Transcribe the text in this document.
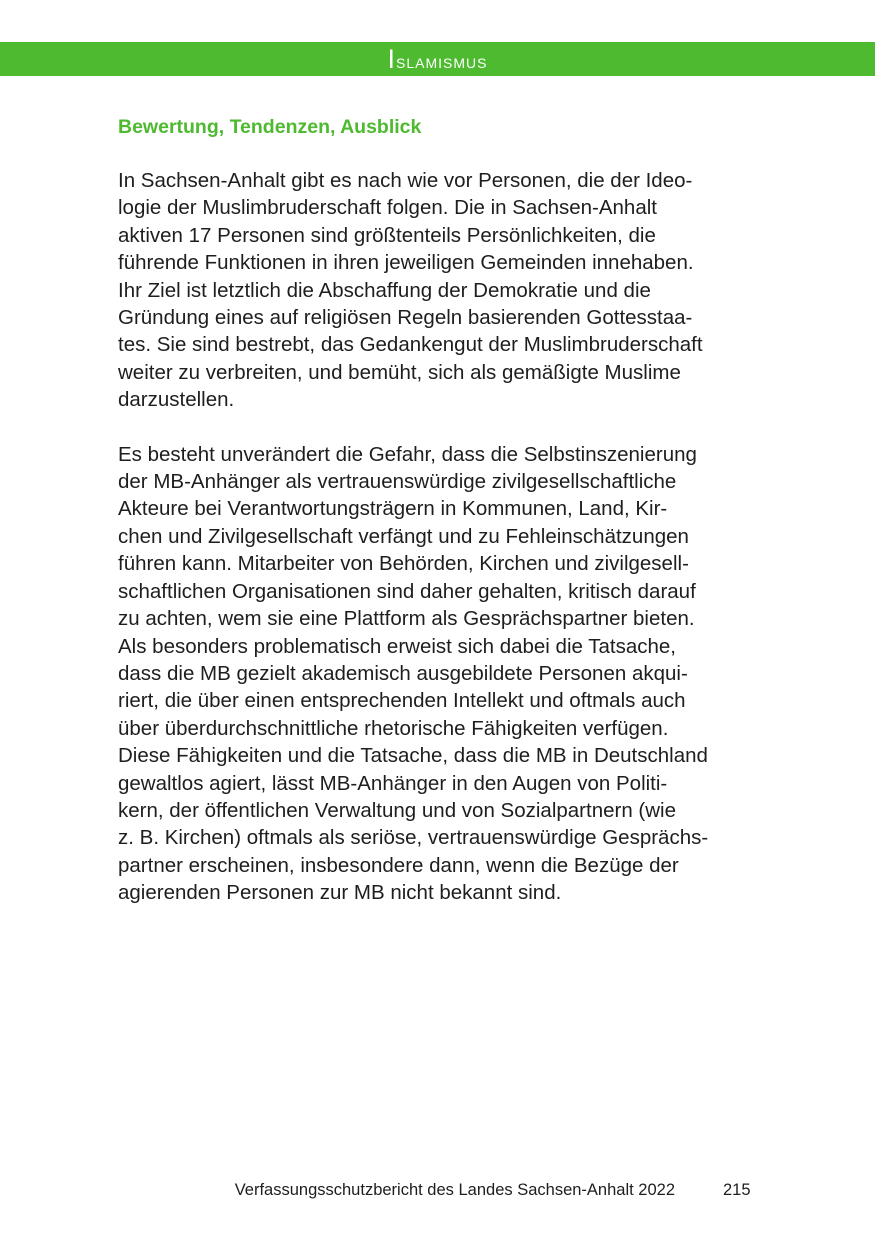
Islamismus
Bewertung, Tendenzen, Ausblick

In Sachsen-Anhalt gibt es nach wie vor Personen, die der Ideo-
logie der Muslimbruderschaft folgen. Die in Sachsen-Anhalt
aktiven 17 Personen sind größtenteils Persönlichkeiten, die
führende Funktionen in ihren jeweiligen Gemeinden innehaben.
Ihr Ziel ist letztlich die Abschaffung der Demokratie und die
Gründung eines auf religiösen Regeln basierenden Gottesstaa-
tes. Sie sind bestrebt, das Gedankengut der Muslimbruderschaft
weiter zu verbreiten, und bemüht, sich als gemäßigte Muslime
darzustellen.

Es besteht unverändert die Gefahr, dass die Selbstinszenierung
der MB-Anhänger als vertrauenswürdige zivilgesellschaftliche
Akteure bei Verantwortungsträgern in Kommunen, Land, Kir-
chen und Zivilgesellschaft verfängt und zu Fehleinschätzungen
führen kann. Mitarbeiter von Behörden, Kirchen und zivilgesell-
schaftlichen Organisationen sind daher gehalten, kritisch darauf
zu achten, wem sie eine Plattform als Gesprächspartner bieten.
Als besonders problematisch erweist sich dabei die Tatsache,
dass die MB gezielt akademisch ausgebildete Personen akqui-
riert, die über einen entsprechenden Intellekt und oftmals auch
über überdurchschnittliche rhetorische Fähigkeiten verfügen.
Diese Fähigkeiten und die Tatsache, dass die MB in Deutschland
gewaltlos agiert, lässt MB-Anhänger in den Augen von Politi-
kern, der öffentlichen Verwaltung und von Sozialpartnern (wie
z. B. Kirchen) oftmals als seriöse, vertrauenswürdige Gesprächs-
partner erscheinen, insbesondere dann, wenn die Bezüge der
agierenden Personen zur MB nicht bekannt sind.

Verfassungsschutzbericht des Landes Sachsen-Anhalt 2022	215
